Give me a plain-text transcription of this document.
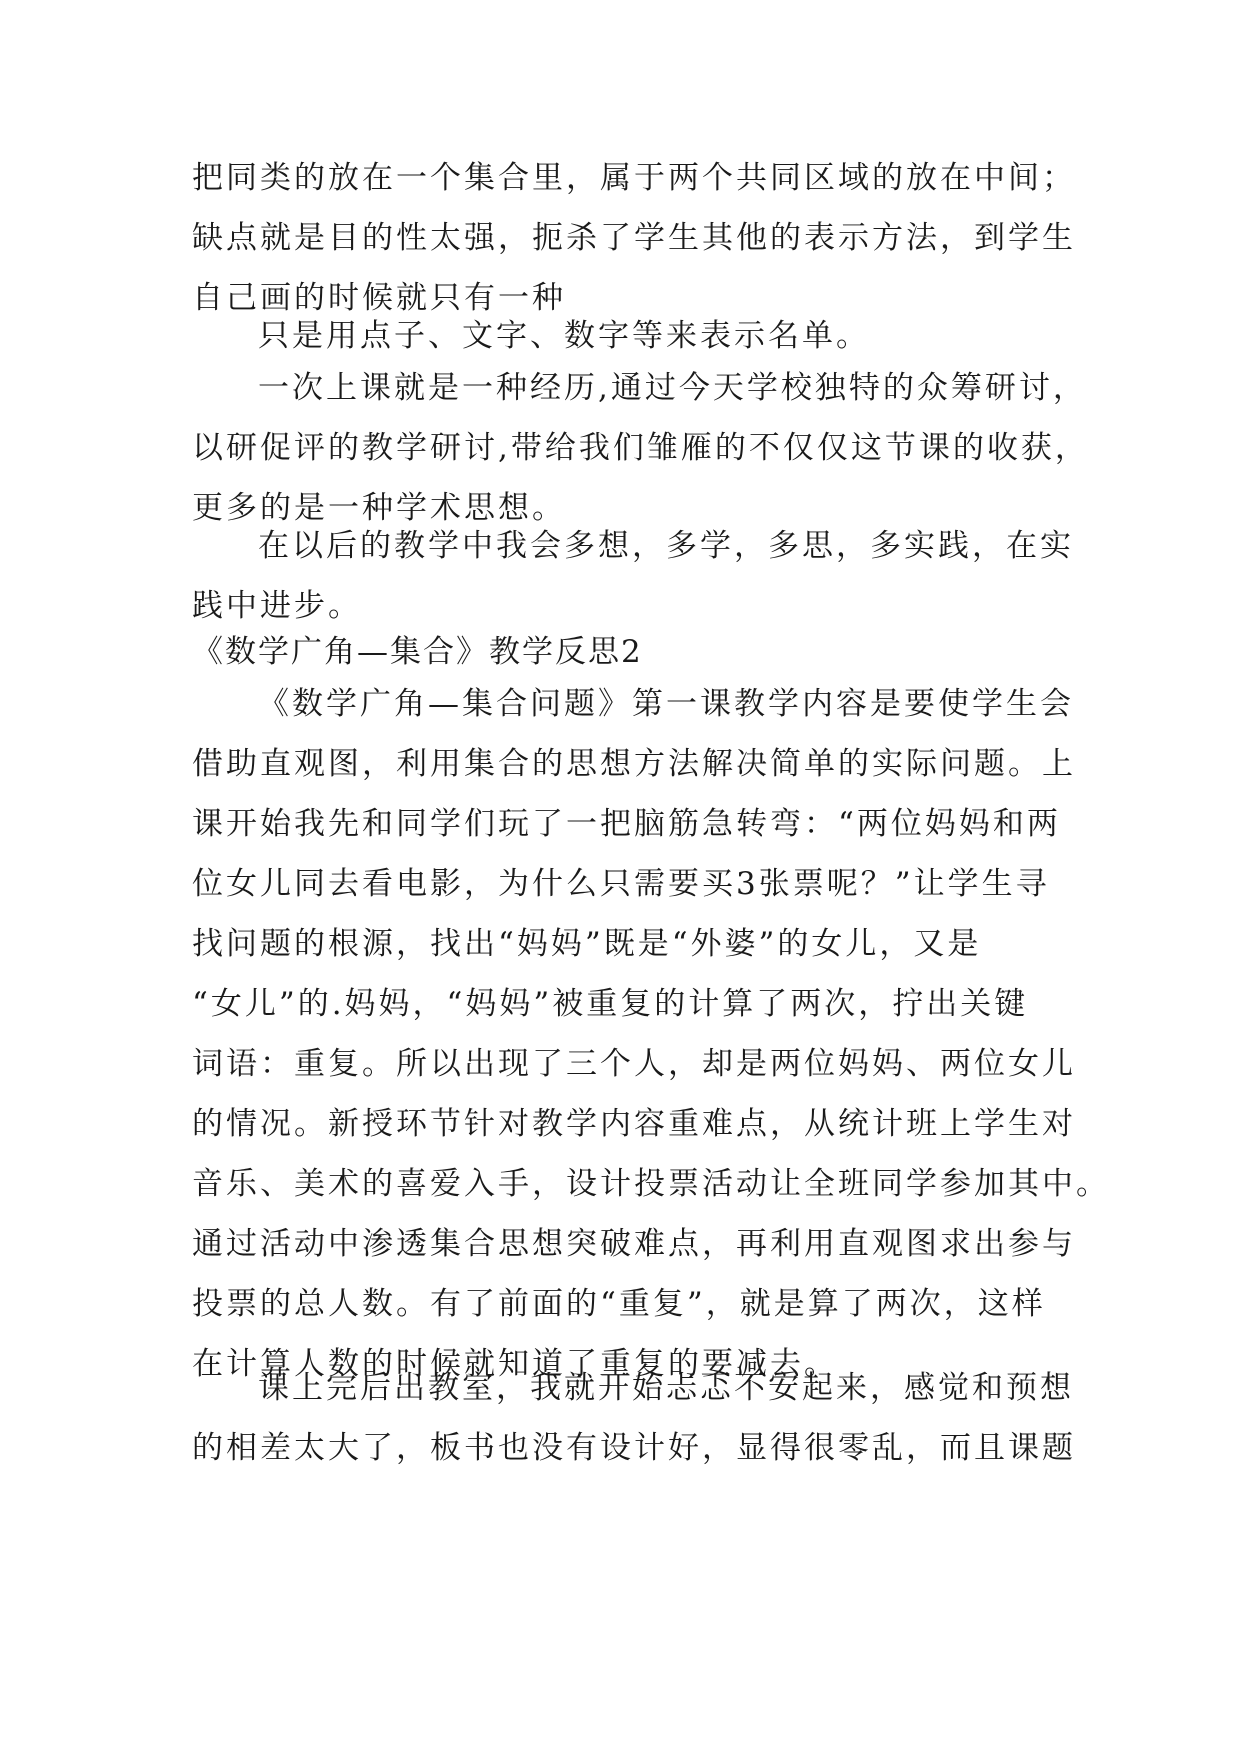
把同类的放在一个集合里，属于两个共同区域的放在中间；
缺点就是目的性太强，扼杀了学生其他的表示方法，到学生
自己画的时候就只有一种
只是用点子、文字、数字等来表示名单。
一次上课就是一种经历,通过今天学校独特的众筹研讨，
以研促评的教学研讨,带给我们雏雁的不仅仅这节课的收获，
更多的是一种学术思想。
在以后的教学中我会多想，多学，多思，多实践，在实
践中进步。
《数学广角—集合》教学反思2
《数学广角—集合问题》第一课教学内容是要使学生会
借助直观图，利用集合的思想方法解决简单的实际问题。上
课开始我先和同学们玩了一把脑筋急转弯：“两位妈妈和两
位女儿同去看电影，为什么只需要买3张票呢？”让学生寻
找问题的根源，找出“妈妈”既是“外婆”的女儿，又是
“女儿”的.妈妈，“妈妈”被重复的计算了两次，拧出关键
词语：重复。所以出现了三个人，却是两位妈妈、两位女儿
的情况。新授环节针对教学内容重难点，从统计班上学生对
音乐、美术的喜爱入手，设计投票活动让全班同学参加其中。
通过活动中渗透集合思想突破难点，再利用直观图求出参与
投票的总人数。有了前面的“重复”，就是算了两次，这样
在计算人数的时候就知道了重复的要减去。
课上完后出教室，我就开始忐忑不安起来，感觉和预想
的相差太大了，板书也没有设计好，显得很零乱，而且课题
